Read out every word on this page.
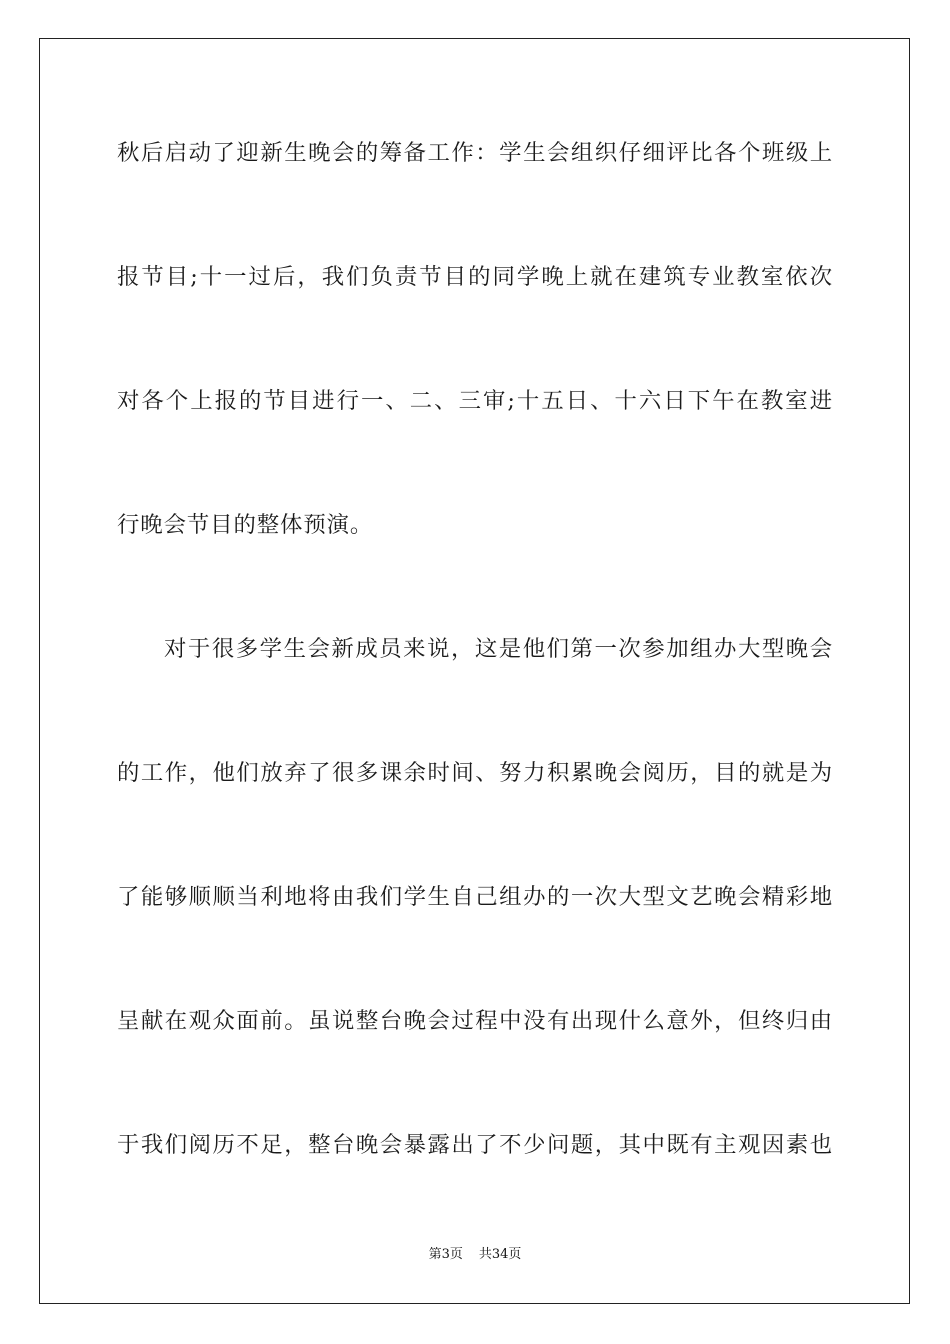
秋后启动了迎新生晚会的筹备工作：学生会组织仔细评比各个班级上
报节目;十一过后，我们负责节目的同学晚上就在建筑专业教室依次
对各个上报的节目进行一、二、三审;十五日、十六日下午在教室进
行晚会节目的整体预演。
对于很多学生会新成员来说，这是他们第一次参加组办大型晚会
的工作，他们放弃了很多课余时间、努力积累晚会阅历，目的就是为
了能够顺顺当利地将由我们学生自己组办的一次大型文艺晚会精彩地
呈献在观众面前。虽说整台晚会过程中没有出现什么意外，但终归由
于我们阅历不足，整台晚会暴露出了不少问题，其中既有主观因素也
第3页 共34页
